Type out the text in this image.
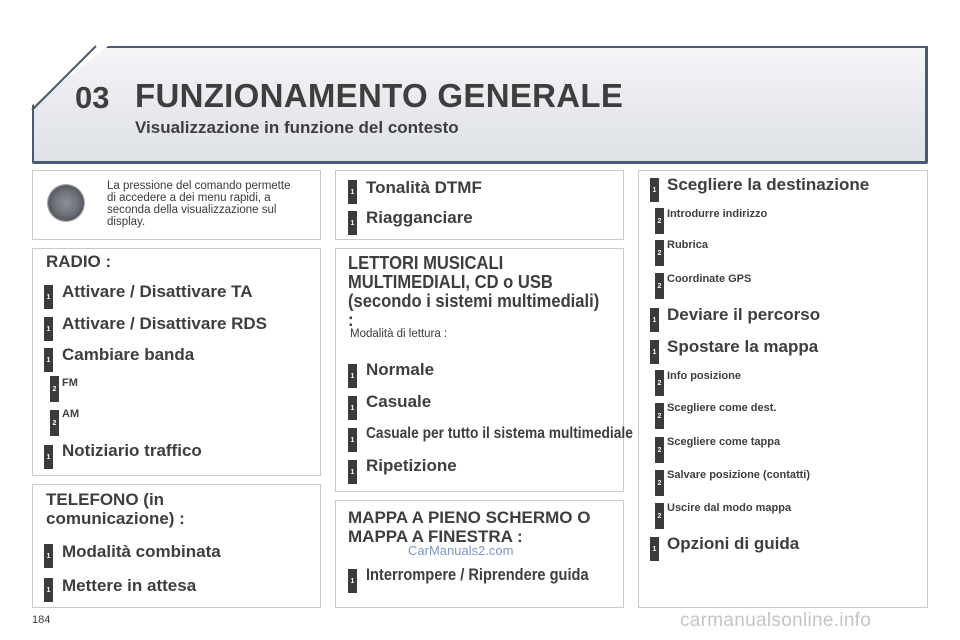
03 FUNZIONAMENTO GENERALE
Visualizzazione in funzione del contesto
La pressione del comando permette di accedere a dei menu rapidi, a seconda della visualizzazione sul display.
RADIO :
1 Attivare / Disattivare TA
1 Attivare / Disattivare RDS
1 Cambiare banda
2 FM
2
AM
1 Notiziario traffico
TELEFONO (in comunicazione) :
1 Modalità combinata
1 Mettere in attesa
1 Tonalità DTMF
1 Riagganciare
LETTORI MUSICALI MULTIMEDIALI, CD o USB (secondo i sistemi multimediali) :
Modalità di lettura :
1 Normale
1 Casuale
1 Casuale per tutto il sistema multimediale
1 Ripetizione
MAPPA A PIENO SCHERMO O MAPPA A FINESTRA :
CarManuals2.com
1 Interrompere / Riprendere guida
1 Scegliere la destinazione
2
Introdurre indirizzo
2
Rubrica
2
Coordinate GPS
1 Deviare il percorso
1 Spostare la mappa
2
Info posizione
2
Scegliere come dest.
2
Scegliere come tappa
2
Salvare posizione (contatti)
2
Uscire dal modo mappa
1 Opzioni di guida
184	carmanualsonline.info
